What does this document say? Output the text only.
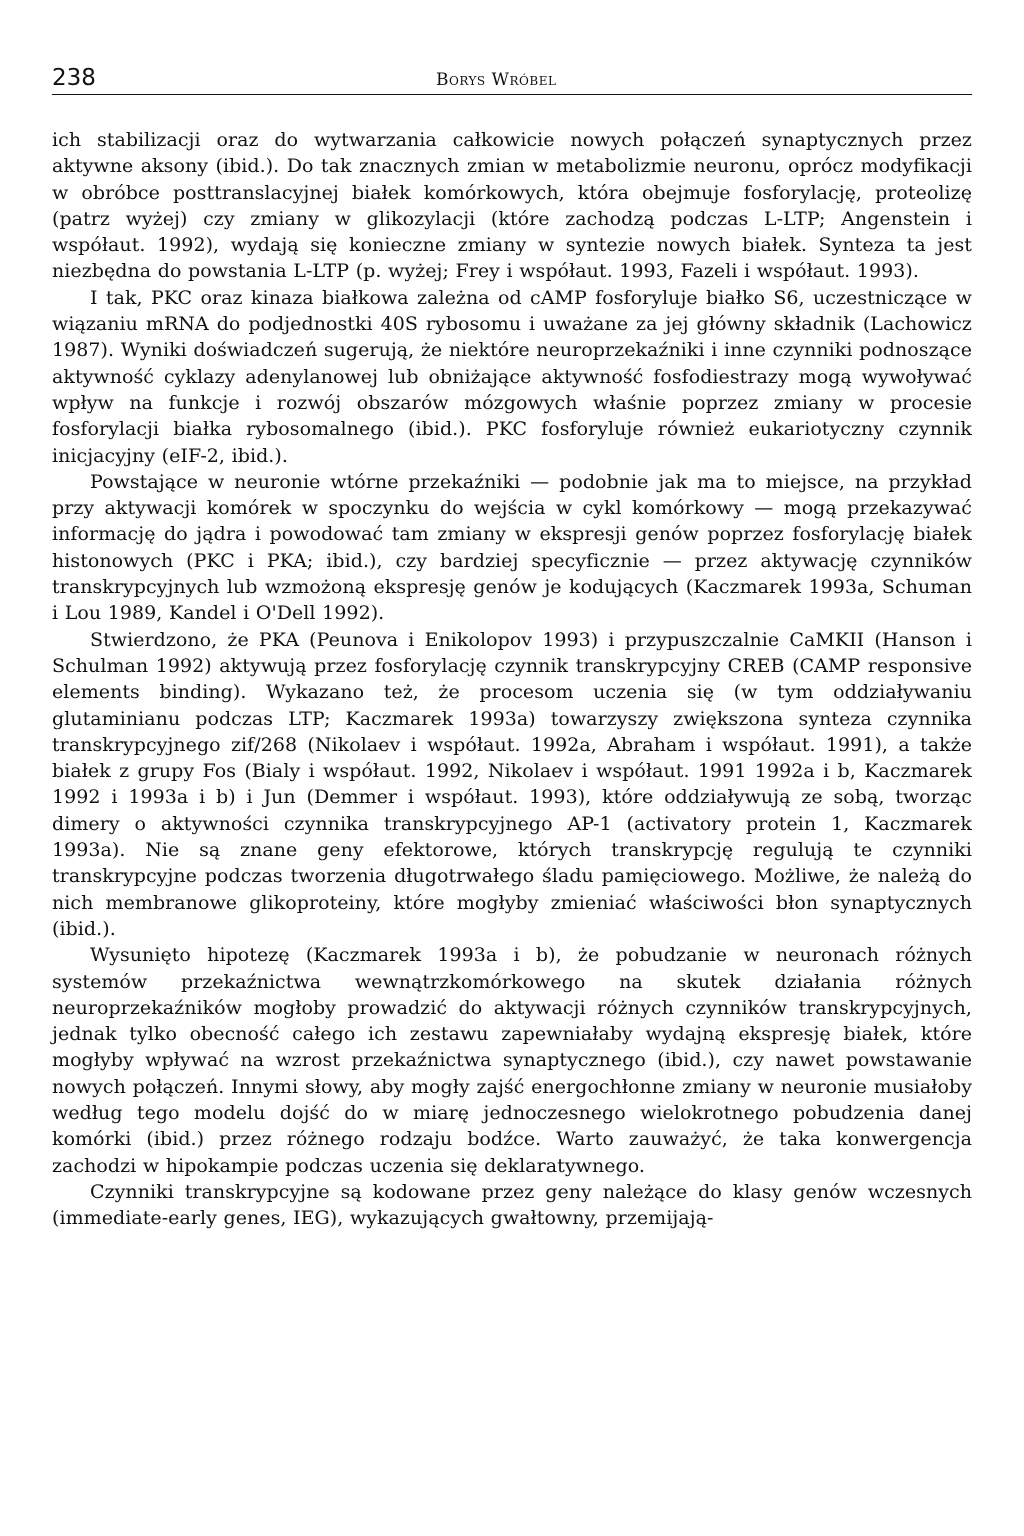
238	Borys Wróbel

ich stabilizacji oraz do wytwarzania całkowicie nowych połączeń synaptycznych przez aktywne aksony (ibid.). Do tak znacznych zmian w metabolizmie neuronu, oprócz modyfikacji w obróbce posttranslacyjnej białek komórkowych, która obejmuje fosforylację, proteolizę (patrz wyżej) czy zmiany w glikozylacji (które zachodzą podczas L-LTP; Angenstein i współaut. 1992), wydają się konieczne zmiany w syntezie nowych białek. Synteza ta jest niezbędna do powstania L-LTP (p. wyżej; Frey i współaut. 1993, Fazeli i współaut. 1993).

I tak, PKC oraz kinaza białkowa zależna od cAMP fosforyluje białko S6, uczestniczące w wiązaniu mRNA do podjednostki 40S rybosomu i uważane za jej główny składnik (Lachowicz 1987). Wyniki doświadczeń sugerują, że niektóre neuroprzekaźniki i inne czynniki podnoszące aktywność cyklazy adenylanowej lub obniżające aktywność fosfodiestrazy mogą wywoływać wpływ na funkcje i rozwój obszarów mózgowych właśnie poprzez zmiany w procesie fosforylacji białka rybosomalnego (ibid.). PKC fosforyluje również eukariotyczny czynnik inicjacyjny (eIF-2, ibid.).

Powstające w neuronie wtórne przekaźniki — podobnie jak ma to miejsce, na przykład przy aktywacji komórek w spoczynku do wejścia w cykl komórkowy — mogą przekazywać informację do jądra i powodować tam zmiany w ekspresji genów poprzez fosforylację białek histonowych (PKC i PKA; ibid.), czy bardziej specyficznie — przez aktywację czynników transkrypcyjnych lub wzmożoną ekspresję genów je kodujących (Kaczmarek 1993a, Schuman i Lou 1989, Kandel i O'Dell 1992).

Stwierdzono, że PKA (Peunova i Enikolopov 1993) i przypuszczalnie CaMKII (Hanson i Schulman 1992) aktywują przez fosforylację czynnik transkrypcyjny CREB (CAMP responsive elements binding). Wykazano też, że procesom uczenia się (w tym oddziaływaniu glutaminianu podczas LTP; Kaczmarek 1993a) towarzyszy zwiększona synteza czynnika transkrypcyjnego zif/268 (Nikolaev i współaut. 1992a, Abraham i współaut. 1991), a także białek z grupy Fos (Bialy i współaut. 1992, Nikolaev i współaut. 1991 1992a i b, Kaczmarek 1992 i 1993a i b) i Jun (Demmer i współaut. 1993), które oddziaływują ze sobą, tworząc dimery o aktywności czynnika transkrypcyjnego AP-1 (activatory protein 1, Kaczmarek 1993a). Nie są znane geny efektorowe, których transkrypcję regulują te czynniki transkrypcyjne podczas tworzenia długotrwałego śladu pamięciowego. Możliwe, że należą do nich membranowe glikoproteiny, które mogłyby zmieniać właściwości błon synaptycznych (ibid.).

Wysunięto hipotezę (Kaczmarek 1993a i b), że pobudzanie w neuronach różnych systemów przekaźnictwa wewnątrzkomórkowego na skutek działania różnych neuroprzekaźników mogłoby prowadzić do aktywacji różnych czynników transkrypcyjnych, jednak tylko obecność całego ich zestawu zapewniałaby wydajną ekspresję białek, które mogłyby wpływać na wzrost przekaźnictwa synaptycznego (ibid.), czy nawet powstawanie nowych połączeń. Innymi słowy, aby mogły zajść energochłonne zmiany w neuronie musiałoby według tego modelu dojść do w miarę jednoczesnego wielokrotnego pobudzenia danej komórki (ibid.) przez różnego rodzaju bodźce. Warto zauważyć, że taka konwergencja zachodzi w hipokampie podczas uczenia się deklaratywnego.

Czynniki transkrypcyjne są kodowane przez geny należące do klasy genów wczesnych (immediate-early genes, IEG), wykazujących gwałtowny, przemijają-
